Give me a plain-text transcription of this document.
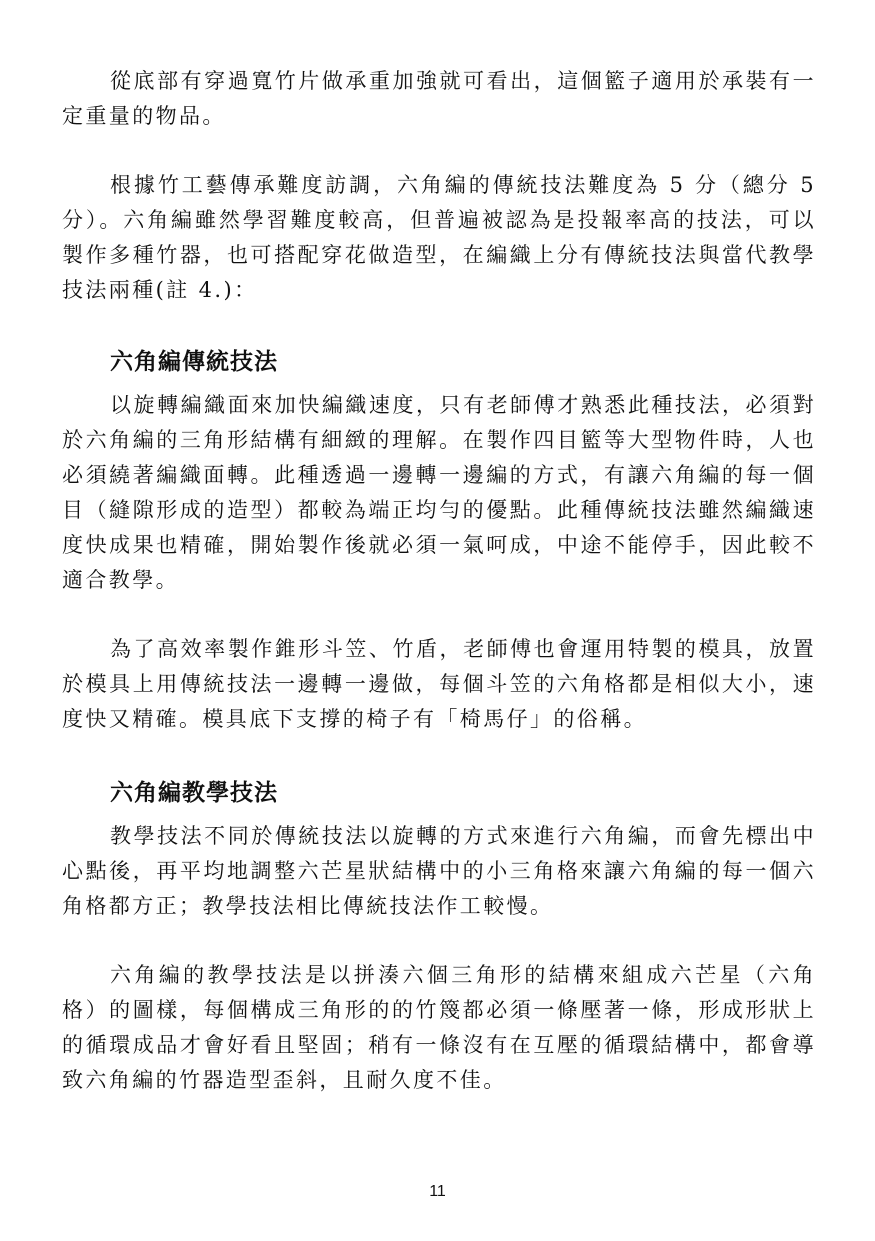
從底部有穿過寬竹片做承重加強就可看出，這個籃子適用於承裝有一定重量的物品。

根據竹工藝傳承難度訪調，六角編的傳統技法難度為 5 分（總分 5 分）。六角編雖然學習難度較高，但普遍被認為是投報率高的技法，可以製作多種竹器，也可搭配穿花做造型，在編織上分有傳統技法與當代教學技法兩種(註 4.)：

六角編傳統技法

以旋轉編織面來加快編織速度，只有老師傅才熟悉此種技法，必須對於六角編的三角形結構有細緻的理解。在製作四目籃等大型物件時，人也必須繞著編織面轉。此種透過一邊轉一邊編的方式，有讓六角編的每一個目（縫隙形成的造型）都較為端正均勻的優點。此種傳統技法雖然編織速度快成果也精確，開始製作後就必須一氣呵成，中途不能停手，因此較不適合教學。

為了高效率製作錐形斗笠、竹盾，老師傅也會運用特製的模具，放置於模具上用傳統技法一邊轉一邊做，每個斗笠的六角格都是相似大小，速度快又精確。模具底下支撐的椅子有「椅馬仔」的俗稱。

六角編教學技法

教學技法不同於傳統技法以旋轉的方式來進行六角編，而會先標出中心點後，再平均地調整六芒星狀結構中的小三角格來讓六角編的每一個六角格都方正；教學技法相比傳統技法作工較慢。

六角編的教學技法是以拼湊六個三角形的結構來組成六芒星（六角格）的圖樣，每個構成三角形的的竹篾都必須一條壓著一條，形成形狀上的循環成品才會好看且堅固；稍有一條沒有在互壓的循環結構中，都會導致六角編的竹器造型歪斜，且耐久度不佳。

11
